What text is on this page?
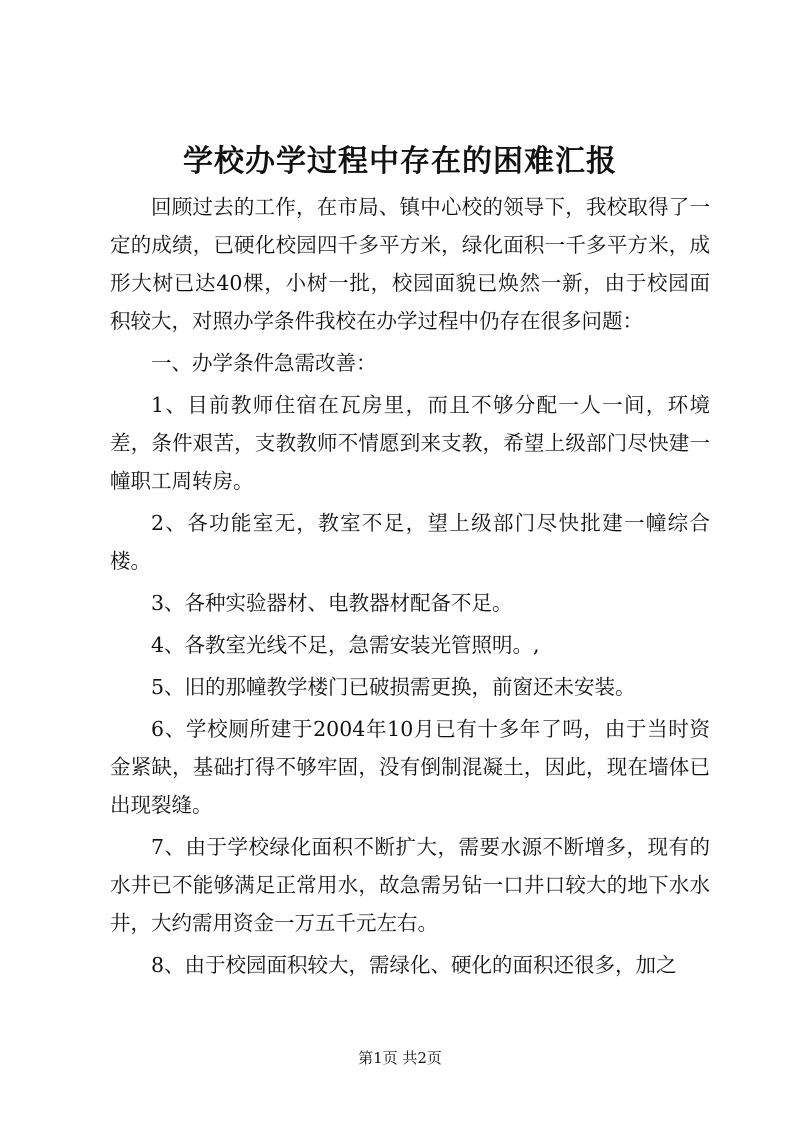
学校办学过程中存在的困难汇报

回顾过去的工作，在市局、镇中心校的领导下，我校取得了一定的成绩，已硬化校园四千多平方米，绿化面积一千多平方米，成形大树已达40棵，小树一批，校园面貌已焕然一新，由于校园面积较大，对照办学条件我校在办学过程中仍存在很多问题：

一、办学条件急需改善：

1、目前教师住宿在瓦房里，而且不够分配一人一间，环境差，条件艰苦，支教教师不情愿到来支教，希望上级部门尽快建一幢职工周转房。

2、各功能室无，教室不足，望上级部门尽快批建一幢综合楼。

3、各种实验器材、电教器材配备不足。

4、各教室光线不足，急需安装光管照明。,

5、旧的那幢教学楼门已破损需更换，前窗还未安装。

6、学校厕所建于2004年10月已有十多年了吗，由于当时资金紧缺，基础打得不够牢固，没有倒制混凝土，因此，现在墙体已出现裂缝。

7、由于学校绿化面积不断扩大，需要水源不断增多，现有的水井已不能够满足正常用水，故急需另钻一口井口较大的地下水水井，大约需用资金一万五千元左右。

8、由于校园面积较大，需绿化、硬化的面积还很多，加之

第1页 共2页
